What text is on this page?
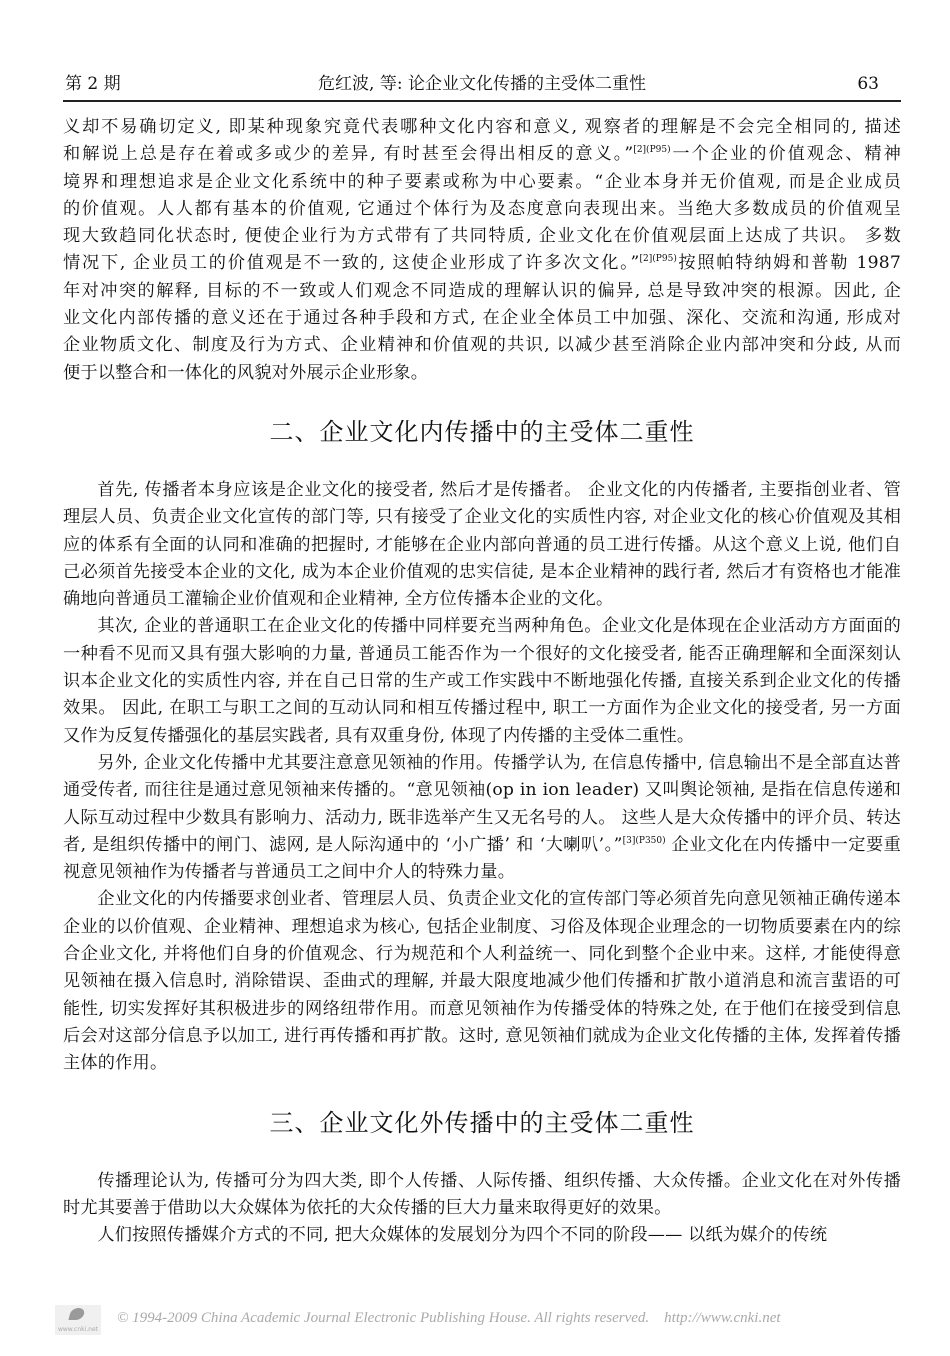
第 2 期	危红波, 等: 论企业文化传播的主受体二重性	63

义却不易确切定义, 即某种现象究竟代表哪种文化内容和意义, 观察者的理解是不会完全相同的, 描述

和解说上总是存在着或多或少的差异, 有时甚至会得出相反的意义。”$^{[2](P95)}$一个企业的价值观念、精神

境界和理想追求是企业文化系统中的种子要素或称为中心要素。“企业本身并无价值观, 而是企业成员

的价值观。人人都有基本的价值观, 它通过个体行为及态度意向表现出来。当绝大多数成员的价值观呈

现大致趋同化状态时, 便使企业行为方式带有了共同特质, 企业文化在价值观层面上达成了共识。 多数

情况下, 企业员工的价值观是不一致的, 这使企业形成了许多次文化。”$^{[2](P95)}$按照帕特纳姆和普勒 1987

年对冲突的解释, 目标的不一致或人们观念不同造成的理解认识的偏异, 总是导致冲突的根源。因此, 企

业文化内部传播的意义还在于通过各种手段和方式, 在企业全体员工中加强、深化、交流和沟通, 形成对

企业物质文化、制度及行为方式、企业精神和价值观的共识, 以减少甚至消除企业内部冲突和分歧, 从而

便于以整合和一体化的风貌对外展示企业形象。

二、企业文化内传播中的主受体二重性

首先, 传播者本身应该是企业文化的接受者, 然后才是传播者。 企业文化的内传播者, 主要指创业者、管理层人员、负责企业文化宣传的部门等, 只有接受了企业文化的实质性内容, 对企业文化的核心价值观及其相应的体系有全面的认同和准确的把握时, 才能够在企业内部向普通的员工进行传播。从这个意义上说, 他们自己必须首先接受本企业的文化, 成为本企业价值观的忠实信徒, 是本企业精神的践行者, 然后才有资格也才能准确地向普通员工灌输企业价值观和企业精神, 全方位传播本企业的文化。

其次, 企业的普通职工在企业文化的传播中同样要充当两种角色。企业文化是体现在企业活动方方面面的一种看不见而又具有强大影响的力量, 普通员工能否作为一个很好的文化接受者, 能否正确理解和全面深刻认识本企业文化的实质性内容, 并在自己日常的生产或工作实践中不断地强化传播, 直接关系到企业文化的传播效果。 因此, 在职工与职工之间的互动认同和相互传播过程中, 职工一方面作为企业文化的接受者, 另一方面又作为反复传播强化的基层实践者, 具有双重身份, 体现了内传播的主受体二重性。

另外, 企业文化传播中尤其要注意意见领袖的作用。传播学认为, 在信息传播中, 信息输出不是全部直达普通受传者, 而往往是通过意见领袖来传播的。“意见领袖(op in ion leader) 又叫舆论领袖, 是指在信息传递和人际互动过程中少数具有影响力、活动力, 既非选举产生又无名号的人。 这些人是大众传播中的评介员、转达者, 是组织传播中的闸门、滤网, 是人际沟通中的 ‘小广播’ 和 ‘大喇叭’。”$^{[3](P350)}$ 企业文化在内传播中一定要重视意见领袖作为传播者与普通员工之间中介人的特殊力量。

企业文化的内传播要求创业者、管理层人员、负责企业文化的宣传部门等必须首先向意见领袖正确传递本企业的以价值观、企业精神、理想追求为核心, 包括企业制度、习俗及体现企业理念的一切物质要素在内的综合企业文化, 并将他们自身的价值观念、行为规范和个人利益统一、同化到整个企业中来。这样, 才能使得意见领袖在摄入信息时, 消除错误、歪曲式的理解, 并最大限度地减少他们传播和扩散小道消息和流言蜚语的可能性, 切实发挥好其积极进步的网络纽带作用。而意见领袖作为传播受体的特殊之处, 在于他们在接受到信息后会对这部分信息予以加工, 进行再传播和再扩散。这时, 意见领袖们就成为企业文化传播的主体, 发挥着传播主体的作用。

三、企业文化外传播中的主受体二重性

传播理论认为, 传播可分为四大类, 即个人传播、人际传播、组织传播、大众传播。企业文化在对外传播时尤其要善于借助以大众媒体为依托的大众传播的巨大力量来取得更好的效果。

人们按照传播媒介方式的不同, 把大众媒体的发展划分为四个不同的阶段—— 以纸为媒介的传统

www.cnki.net
© 1994-2009 China Academic Journal Electronic Publishing House. All rights reserved.    http://www.cnki.net
